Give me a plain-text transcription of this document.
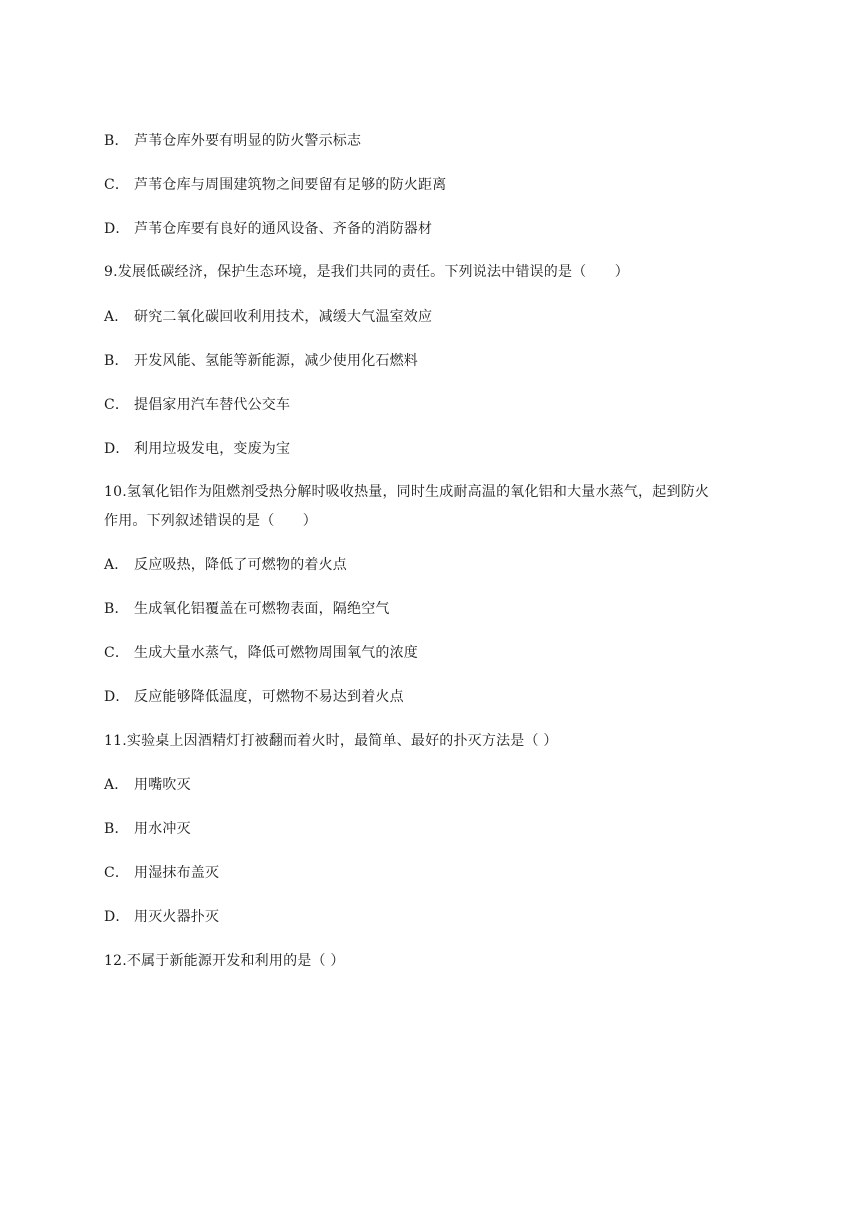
B． 芦苇仓库外要有明显的防火警示标志
C． 芦苇仓库与周围建筑物之间要留有足够的防火距离
D． 芦苇仓库要有良好的通风设备、齐备的消防器材
9.发展低碳经济，保护生态环境，是我们共同的责任。下列说法中错误的是（　　）
A． 研究二氧化碳回收利用技术，减缓大气温室效应
B． 开发风能、氢能等新能源，减少使用化石燃料
C． 提倡家用汽车替代公交车
D． 利用垃圾发电，变废为宝
10.氢氧化铝作为阻燃剂受热分解时吸收热量，同时生成耐高温的氧化铝和大量水蒸气，起到防火
作用。下列叙述错误的是（　　）
A． 反应吸热，降低了可燃物的着火点
B． 生成氧化铝覆盖在可燃物表面，隔绝空气
C． 生成大量水蒸气，降低可燃物周围氧气的浓度
D． 反应能够降低温度，可燃物不易达到着火点
11.实验桌上因酒精灯打被翻而着火时，最简单、最好的扑灭方法是（ ）
A． 用嘴吹灭
B． 用水冲灭
C． 用湿抹布盖灭
D． 用灭火器扑灭
12.不属于新能源开发和利用的是（ ）
